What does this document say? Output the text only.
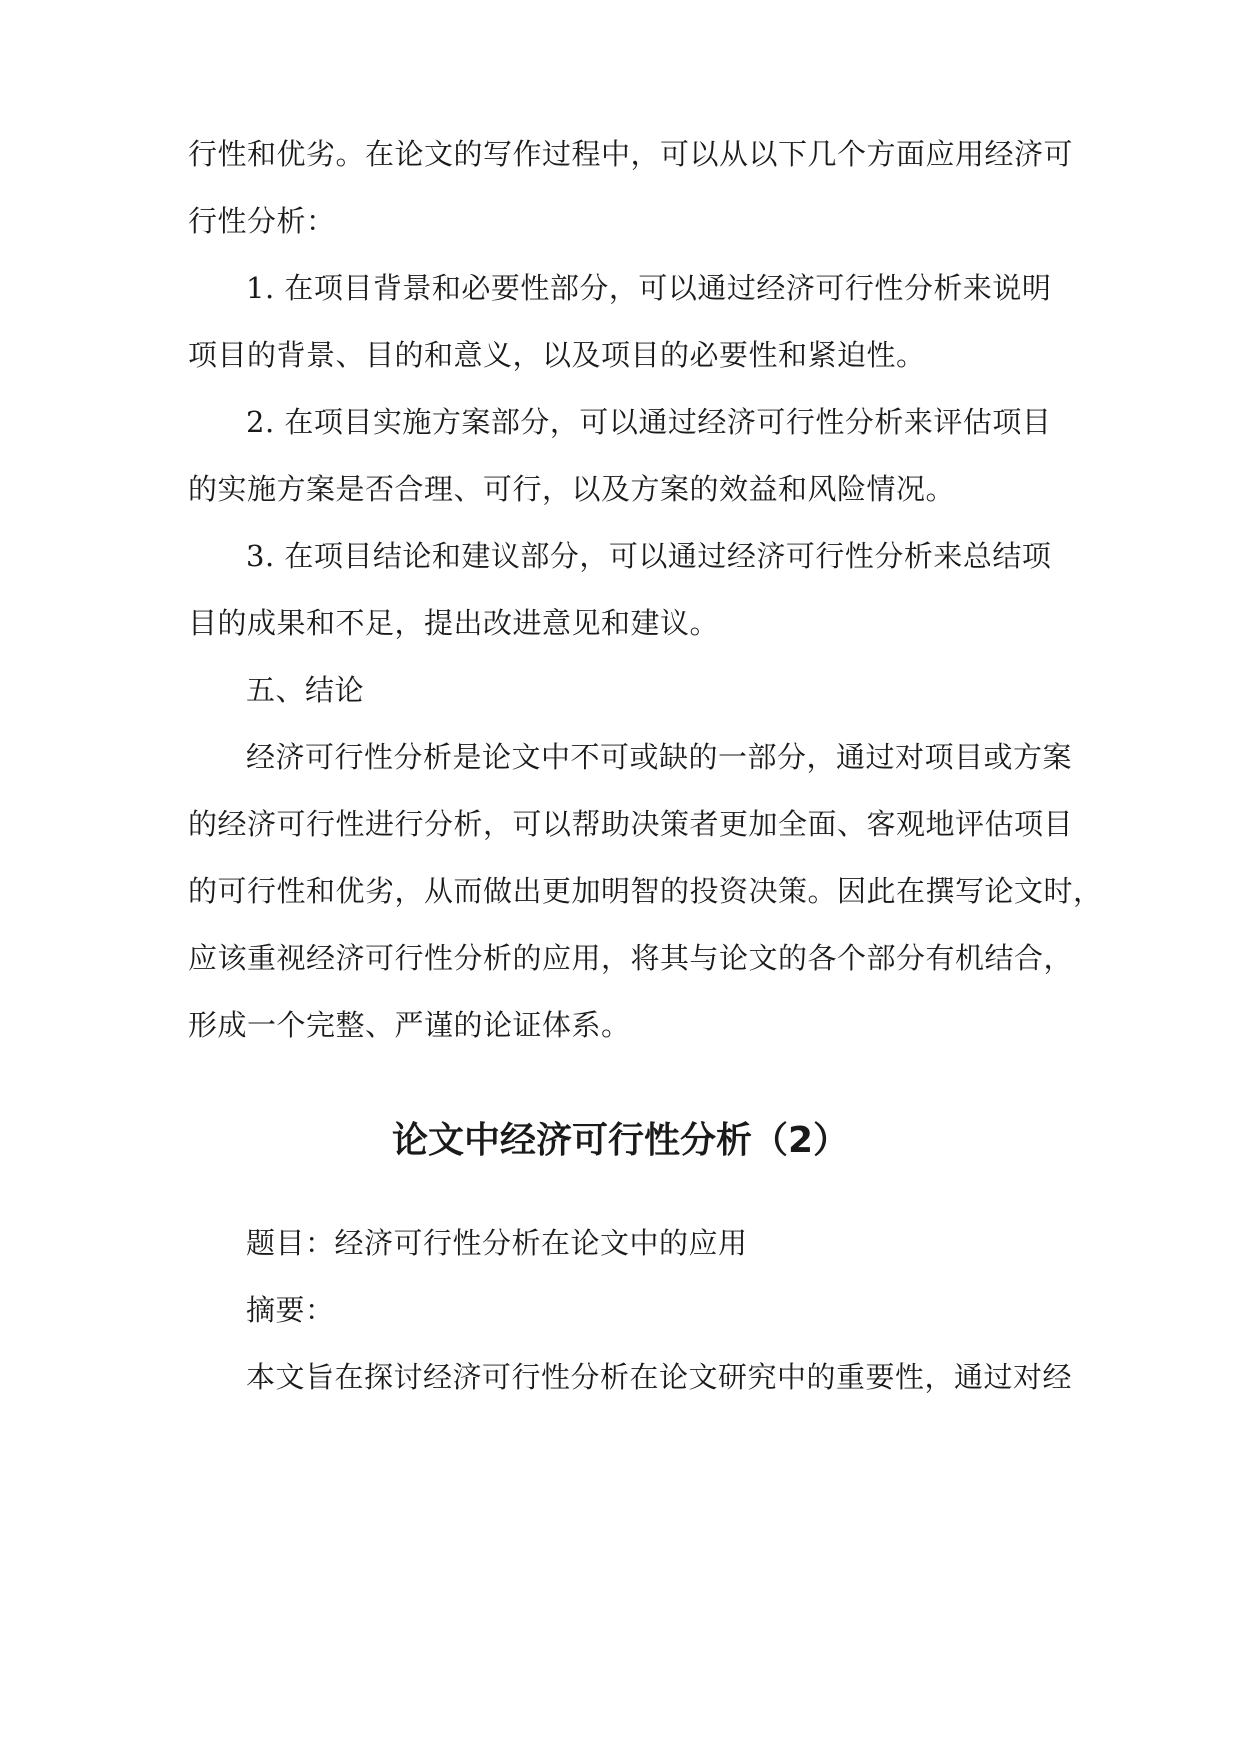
行性和优劣。在论文的写作过程中，可以从以下几个方面应用经济可
行性分析：
1. 在项目背景和必要性部分，可以通过经济可行性分析来说明
项目的背景、目的和意义，以及项目的必要性和紧迫性。
2. 在项目实施方案部分，可以通过经济可行性分析来评估项目
的实施方案是否合理、可行，以及方案的效益和风险情况。
3. 在项目结论和建议部分，可以通过经济可行性分析来总结项
目的成果和不足，提出改进意见和建议。
五、结论
经济可行性分析是论文中不可或缺的一部分，通过对项目或方案
的经济可行性进行分析，可以帮助决策者更加全面、客观地评估项目
的可行性和优劣，从而做出更加明智的投资决策。因此在撰写论文时，
应该重视经济可行性分析的应用，将其与论文的各个部分有机结合，
形成一个完整、严谨的论证体系。
论文中经济可行性分析（2）
题目：经济可行性分析在论文中的应用
摘要：
本文旨在探讨经济可行性分析在论文研究中的重要性，通过对经
